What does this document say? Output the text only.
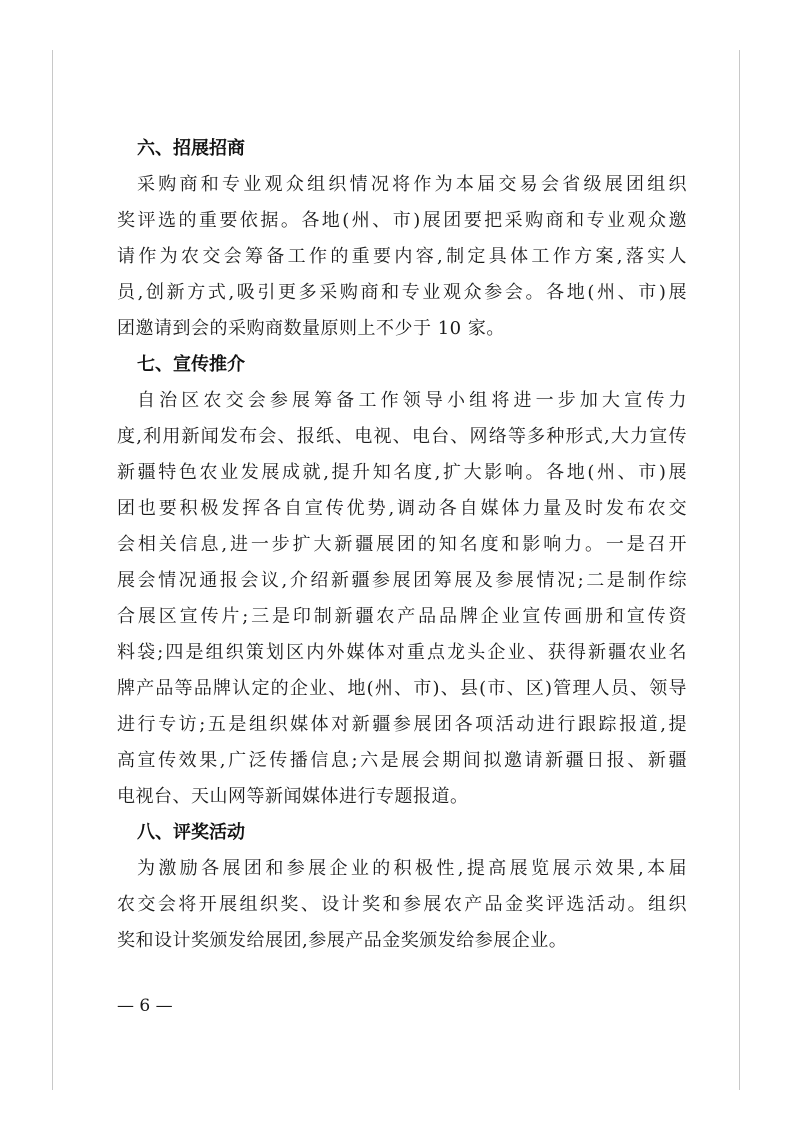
六、招展招商
采购商和专业观众组织情况将作为本届交易会省级展团组织
奖评选的重要依据。各地(州、市)展团要把采购商和专业观众邀
请作为农交会筹备工作的重要内容,制定具体工作方案,落实人
员,创新方式,吸引更多采购商和专业观众参会。各地(州、市)展
团邀请到会的采购商数量原则上不少于 10 家。
七、宣传推介
自治区农交会参展筹备工作领导小组将进一步加大宣传力
度,利用新闻发布会、报纸、电视、电台、网络等多种形式,大力宣传
新疆特色农业发展成就,提升知名度,扩大影响。各地(州、市)展
团也要积极发挥各自宣传优势,调动各自媒体力量及时发布农交
会相关信息,进一步扩大新疆展团的知名度和影响力。一是召开
展会情况通报会议,介绍新疆参展团筹展及参展情况;二是制作综
合展区宣传片;三是印制新疆农产品品牌企业宣传画册和宣传资
料袋;四是组织策划区内外媒体对重点龙头企业、获得新疆农业名
牌产品等品牌认定的企业、地(州、市)、县(市、区)管理人员、领导
进行专访;五是组织媒体对新疆参展团各项活动进行跟踪报道,提
高宣传效果,广泛传播信息;六是展会期间拟邀请新疆日报、新疆
电视台、天山网等新闻媒体进行专题报道。
八、评奖活动
为激励各展团和参展企业的积极性,提高展览展示效果,本届
农交会将开展组织奖、设计奖和参展农产品金奖评选活动。组织
奖和设计奖颁发给展团,参展产品金奖颁发给参展企业。
— 6 —
